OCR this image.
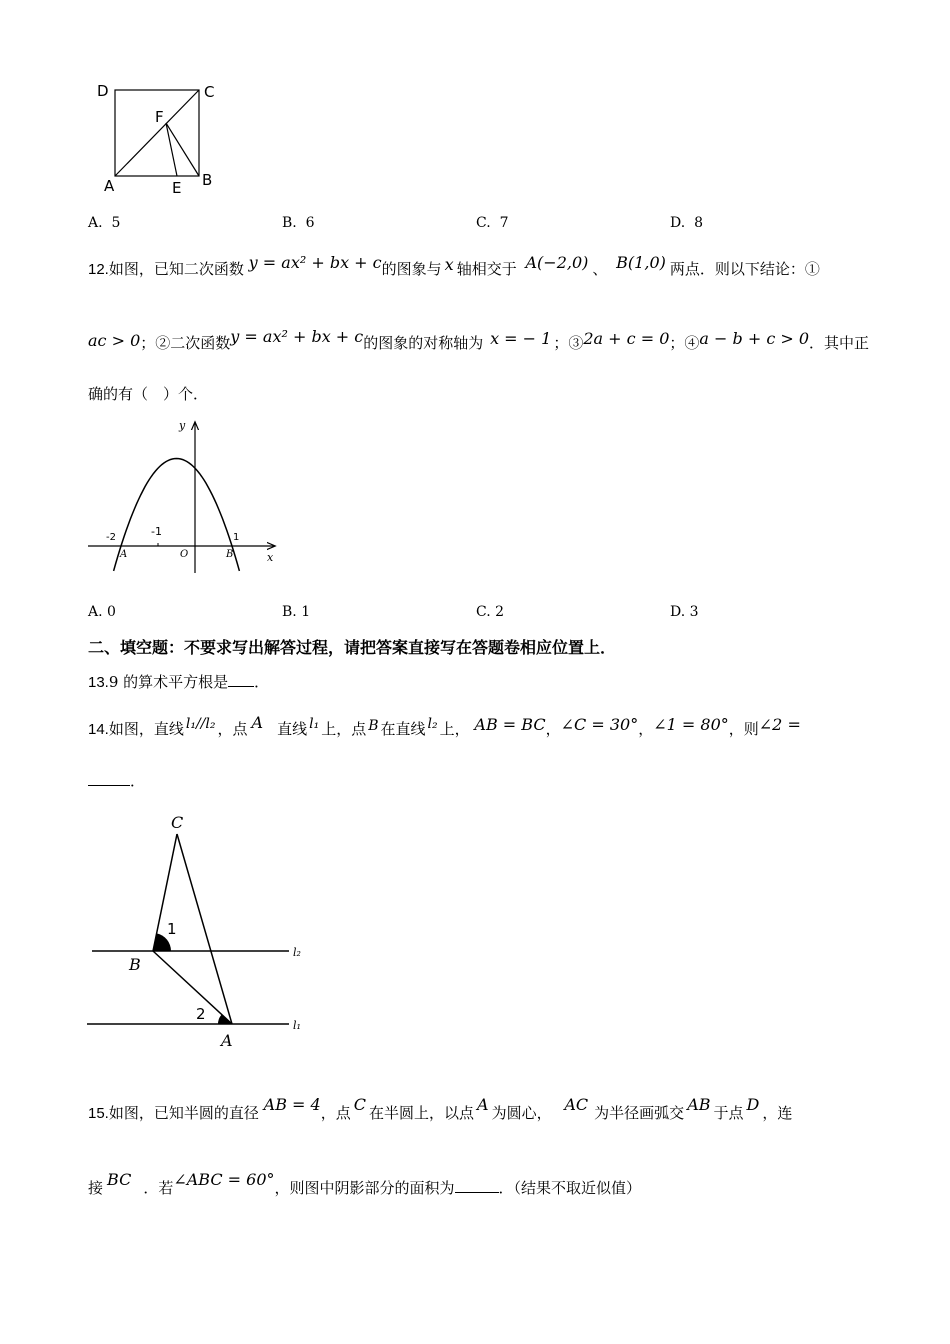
D	C
F
A	E B
A. 5	B. 6	C. 7	D. 8
12.如图，已知二次函数 y = ax² + bx + c的图象与 x 轴相交于 A(−2,0) 、 B(1,0) 两点．则以下结论：①
ac > 0；②二次函数y = ax² + bx + c的图象的对称轴为 x = − 1 ；③2a + c = 0；④a − b + c > 0．其中正
确的有（　）个．
y
x
O
-2	-1	1
A	B
A. 0	B. 1	C. 2	D. 3
二、填空题：不要求写出解答过程，请把答案直接写在答题卷相应位置上．
13.9 的算术平方根是 ．
14.如图，直线 l₁//l₂ ，点 A 直线 l₁ 上，点 B 在直线 l₂ 上， AB = BC，∠C = 30°，∠1 = 80°，则∠2 =
．
C
1
B
l₂
2
A
l₁
15.如图，已知半圆的直径 AB = 4，点 C 在半圆上，以点 A 为圆心， AC 为半径画弧交 AB 于点 D ，连
接 BC ．若∠ABC = 60°，则图中阴影部分的面积为	．（结果不取近似值）
